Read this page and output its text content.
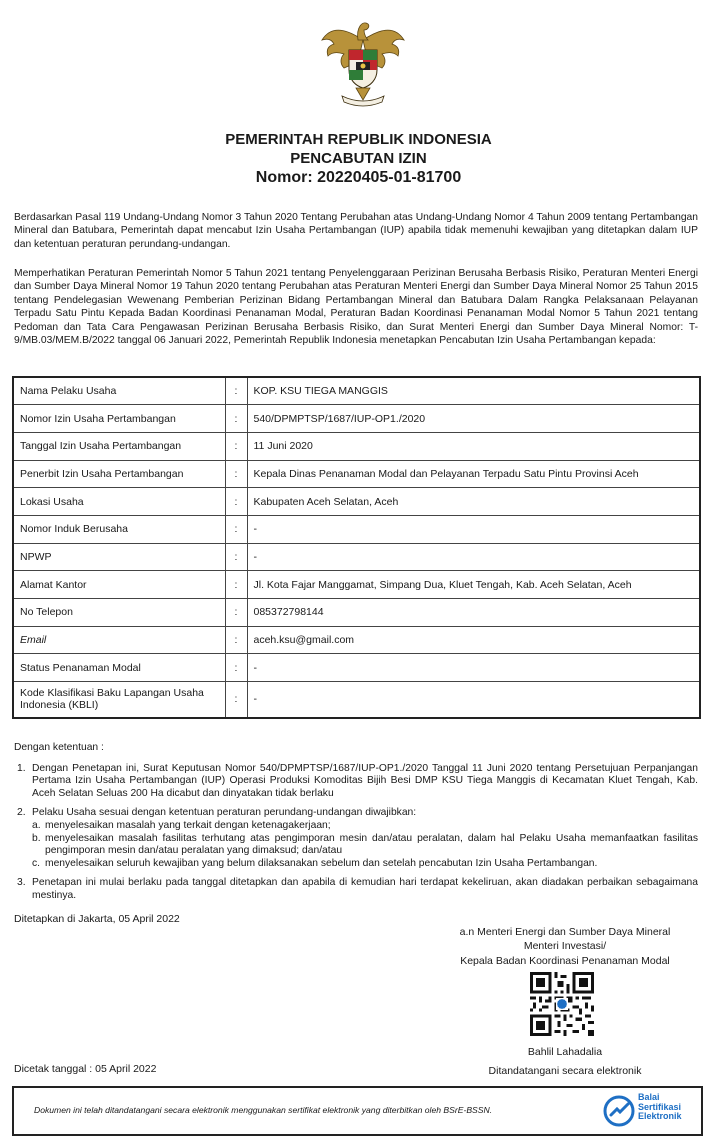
PEMERINTAH REPUBLIK INDONESIA
PENCABUTAN IZIN
Nomor: 20220405-01-81700
Berdasarkan Pasal 119 Undang-Undang Nomor 3 Tahun 2020 Tentang Perubahan atas Undang-Undang Nomor 4 Tahun 2009 tentang Pertambangan Mineral dan Batubara, Pemerintah dapat mencabut Izin Usaha Pertambangan (IUP) apabila tidak memenuhi kewajiban yang ditetapkan dalam IUP dan ketentuan peraturan perundang-undangan.
Memperhatikan Peraturan Pemerintah Nomor 5 Tahun 2021 tentang Penyelenggaraan Perizinan Berusaha Berbasis Risiko, Peraturan Menteri Energi dan Sumber Daya Mineral Nomor 19 Tahun 2020 tentang Perubahan atas Peraturan Menteri Energi dan Sumber Daya Mineral Nomor 25 Tahun 2015 tentang Pendelegasian Wewenang Pemberian Perizinan Bidang Pertambangan Mineral dan Batubara Dalam Rangka Pelaksanaan Pelayanan Terpadu Satu Pintu Kepada Badan Koordinasi Penanaman Modal, Peraturan Badan Koordinasi Penanaman Modal Nomor 5 Tahun 2021 tentang Pedoman dan Tata Cara Pengawasan Perizinan Berusaha Berbasis Risiko, dan Surat Menteri Energi dan Sumber Daya Mineral Nomor: T-9/MB.03/MEM.B/2022 tanggal 06 Januari 2022, Pemerintah Republik Indonesia menetapkan Pencabutan Izin Usaha Pertambangan kepada:
Nama Pelaku Usaha	:	KOP. KSU TIEGA MANGGIS
Nomor Izin Usaha Pertambangan	:	540/DPMPTSP/1687/IUP-OP1./2020
Tanggal Izin Usaha Pertambangan	:	11 Juni 2020
Penerbit Izin Usaha Pertambangan	:	Kepala Dinas Penanaman Modal dan Pelayanan Terpadu Satu Pintu Provinsi Aceh
Lokasi Usaha	:	Kabupaten Aceh Selatan, Aceh
Nomor Induk Berusaha	:	-
NPWP	:	-
Alamat Kantor	:	Jl. Kota Fajar Manggamat, Simpang Dua, Kluet Tengah, Kab. Aceh Selatan, Aceh
No Telepon	:	085372798144
Email	:	aceh.ksu@gmail.com
Status Penanaman Modal	:	-
Kode Klasifikasi Baku Lapangan Usaha Indonesia (KBLI)	:	-
Dengan ketentuan :
1. Dengan Penetapan ini, Surat Keputusan Nomor 540/DPMPTSP/1687/IUP-OP1./2020 Tanggal 11 Juni 2020 tentang Persetujuan Perpanjangan Pertama Izin Usaha Pertambangan (IUP) Operasi Produksi Komoditas Bijih Besi DMP KSU Tiega Manggis di Kecamatan Kluet Tengah, Kab. Aceh Selatan Seluas 200 Ha dicabut dan dinyatakan tidak berlaku
2. Pelaku Usaha sesuai dengan ketentuan peraturan perundang-undangan diwajibkan:
a. menyelesaikan masalah yang terkait dengan ketenagakerjaan;
b. menyelesaikan masalah fasilitas terhutang atas pengimporan mesin dan/atau peralatan, dalam hal Pelaku Usaha memanfaatkan fasilitas pengimporan mesin dan/atau peralatan yang dimaksud; dan/atau
c. menyelesaikan seluruh kewajiban yang belum dilaksanakan sebelum dan setelah pencabutan Izin Usaha Pertambangan.
3. Penetapan ini mulai berlaku pada tanggal ditetapkan dan apabila di kemudian hari terdapat kekeliruan, akan diadakan perbaikan sebagaimana mestinya.
Ditetapkan di Jakarta, 05 April 2022
a.n Menteri Energi dan Sumber Daya Mineral
Menteri Investasi/
Kepala Badan Koordinasi Penanaman Modal
Bahlil Lahadalia
Dicetak tanggal : 05 April 2022	Ditandatangani secara elektronik
Dokumen ini telah ditandatangani secara elektronik menggunakan sertifikat elektronik yang diterbitkan oleh BSrE-BSSN.
Balai
Sertifikasi
Elektronik
